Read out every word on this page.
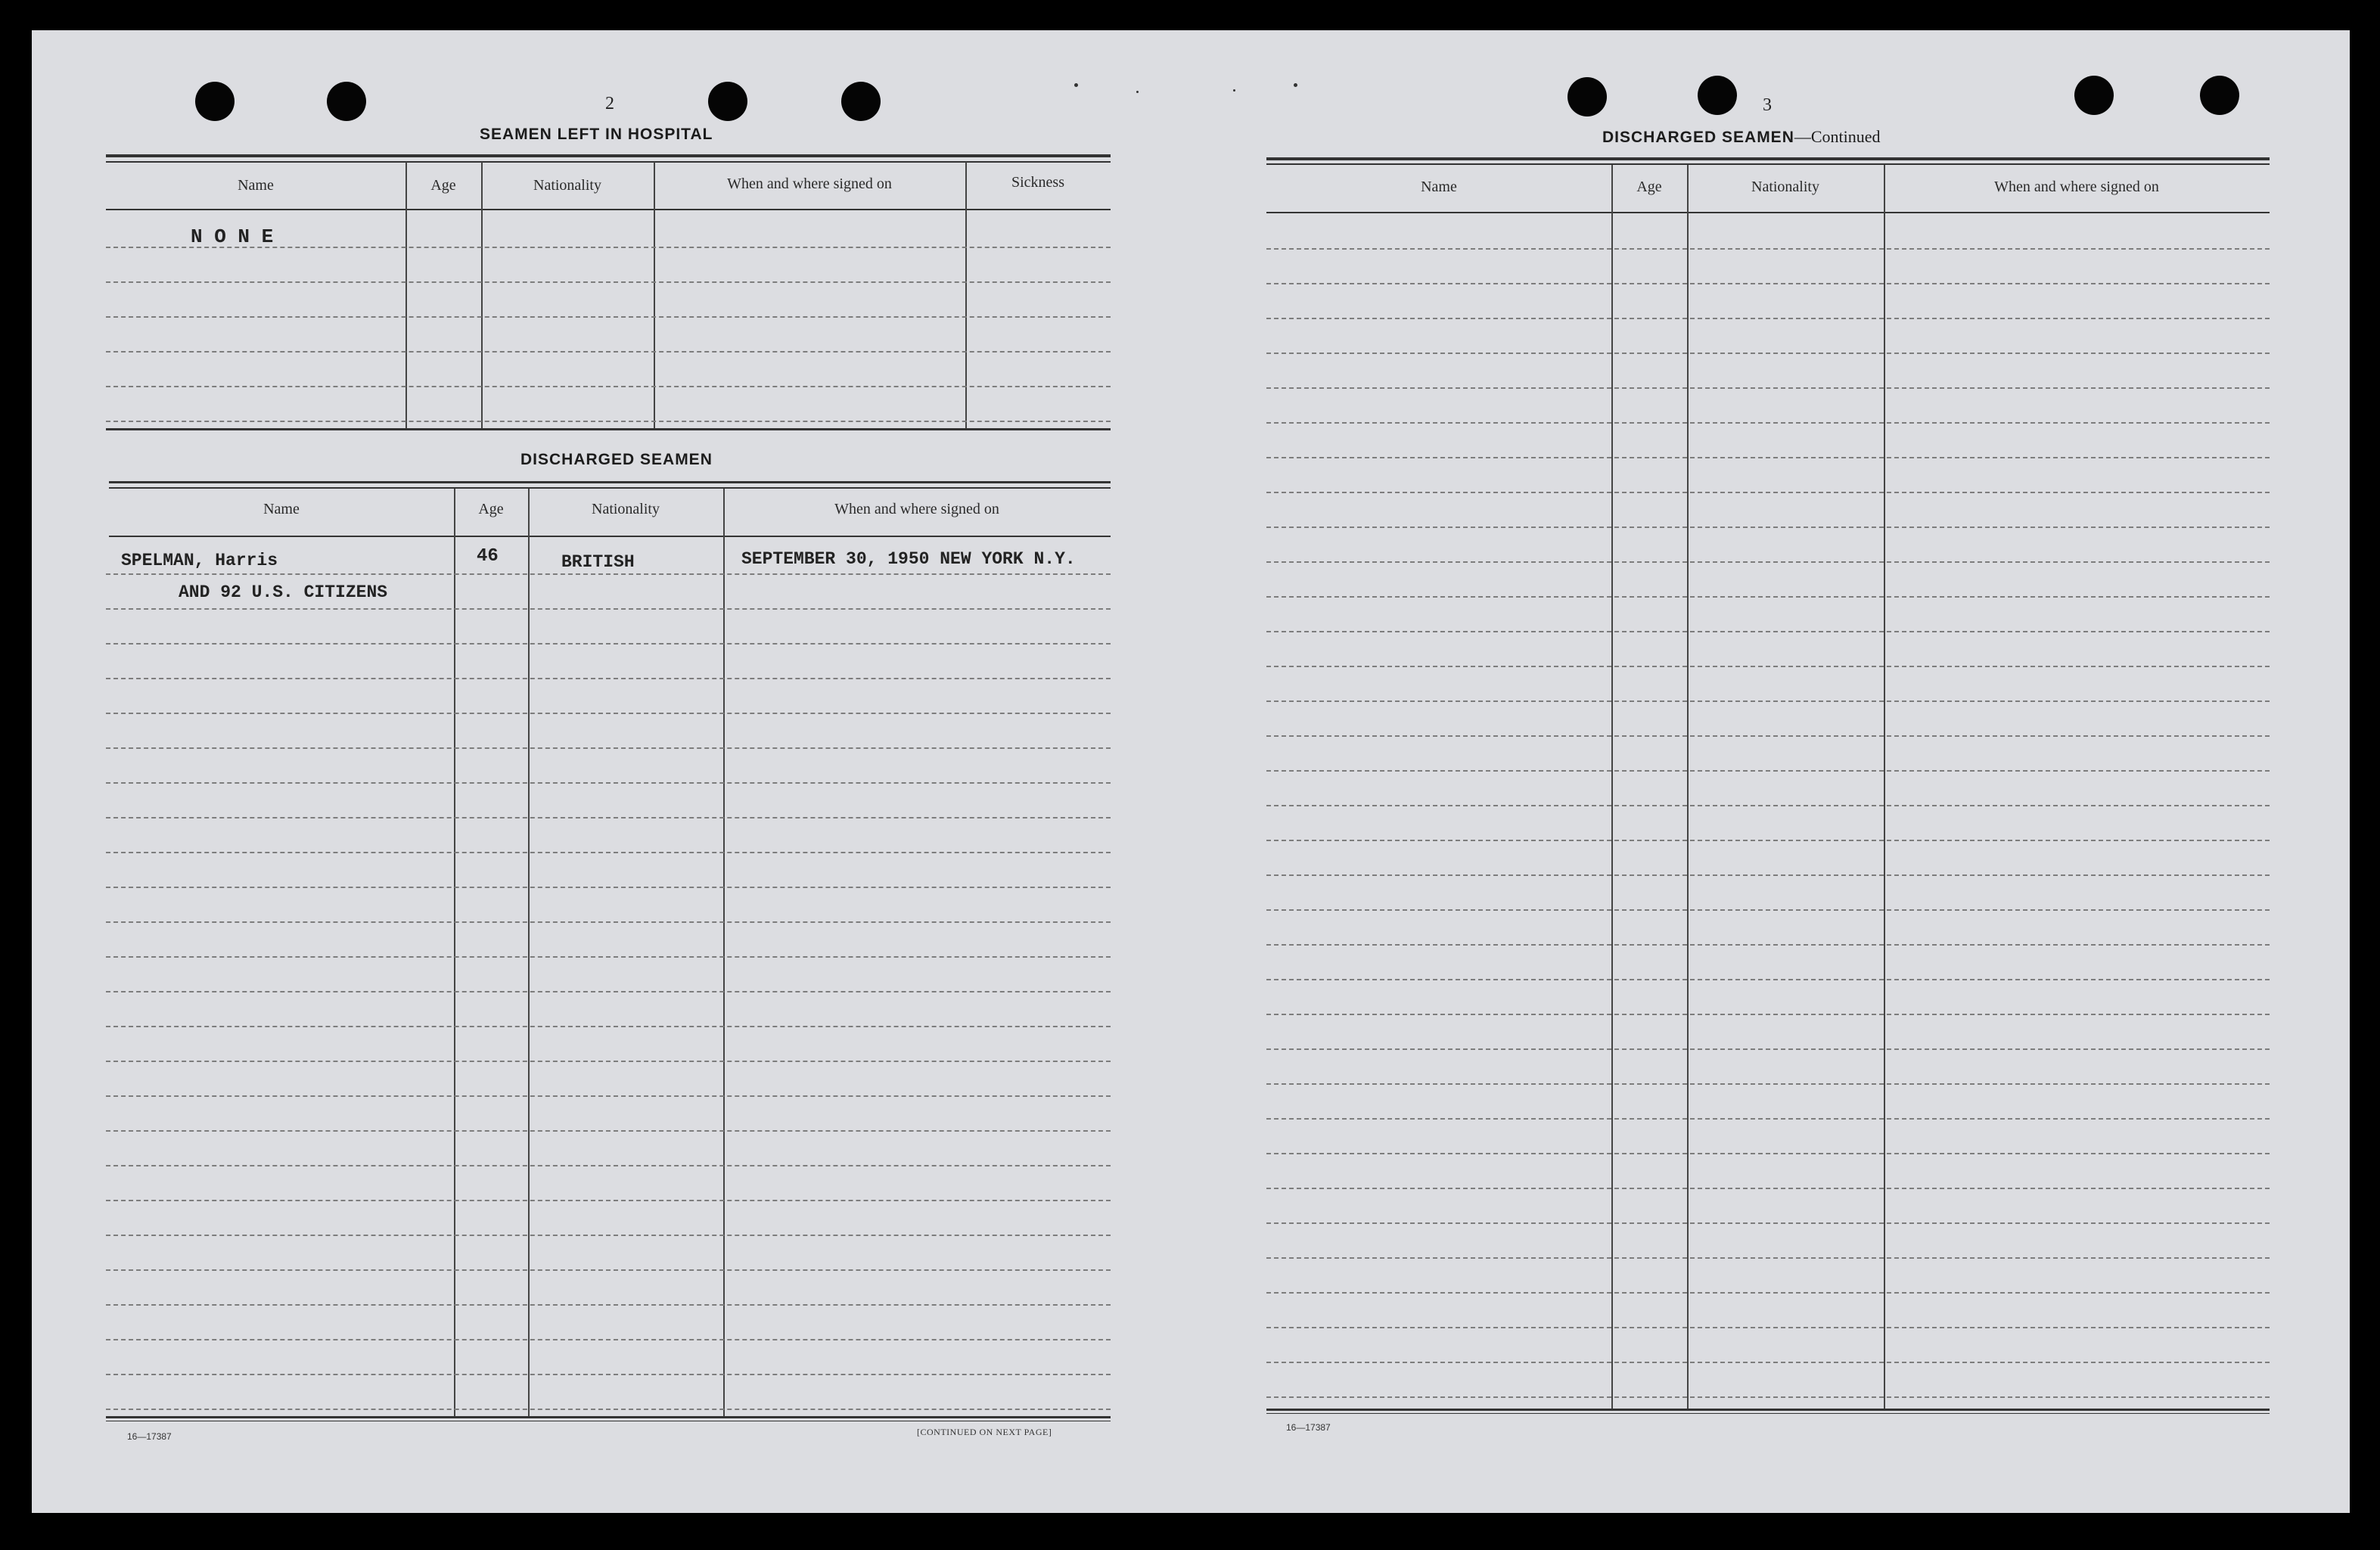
2
SEAMEN LEFT IN HOSPITAL
Name	Age	Nationality	When and where signed on	Sickness
N O N E
DISCHARGED SEAMEN
Name	Age	Nationality	When and where signed on
SPELMAN, Harris	46	BRITISH	SEPTEMBER 30, 1950 NEW YORK N.Y.
AND 92 U.S. CITIZENS
16—17387	[CONTINUED ON NEXT PAGE]
3
DISCHARGED SEAMEN—Continued
Name	Age	Nationality	When and where signed on
16—17387
